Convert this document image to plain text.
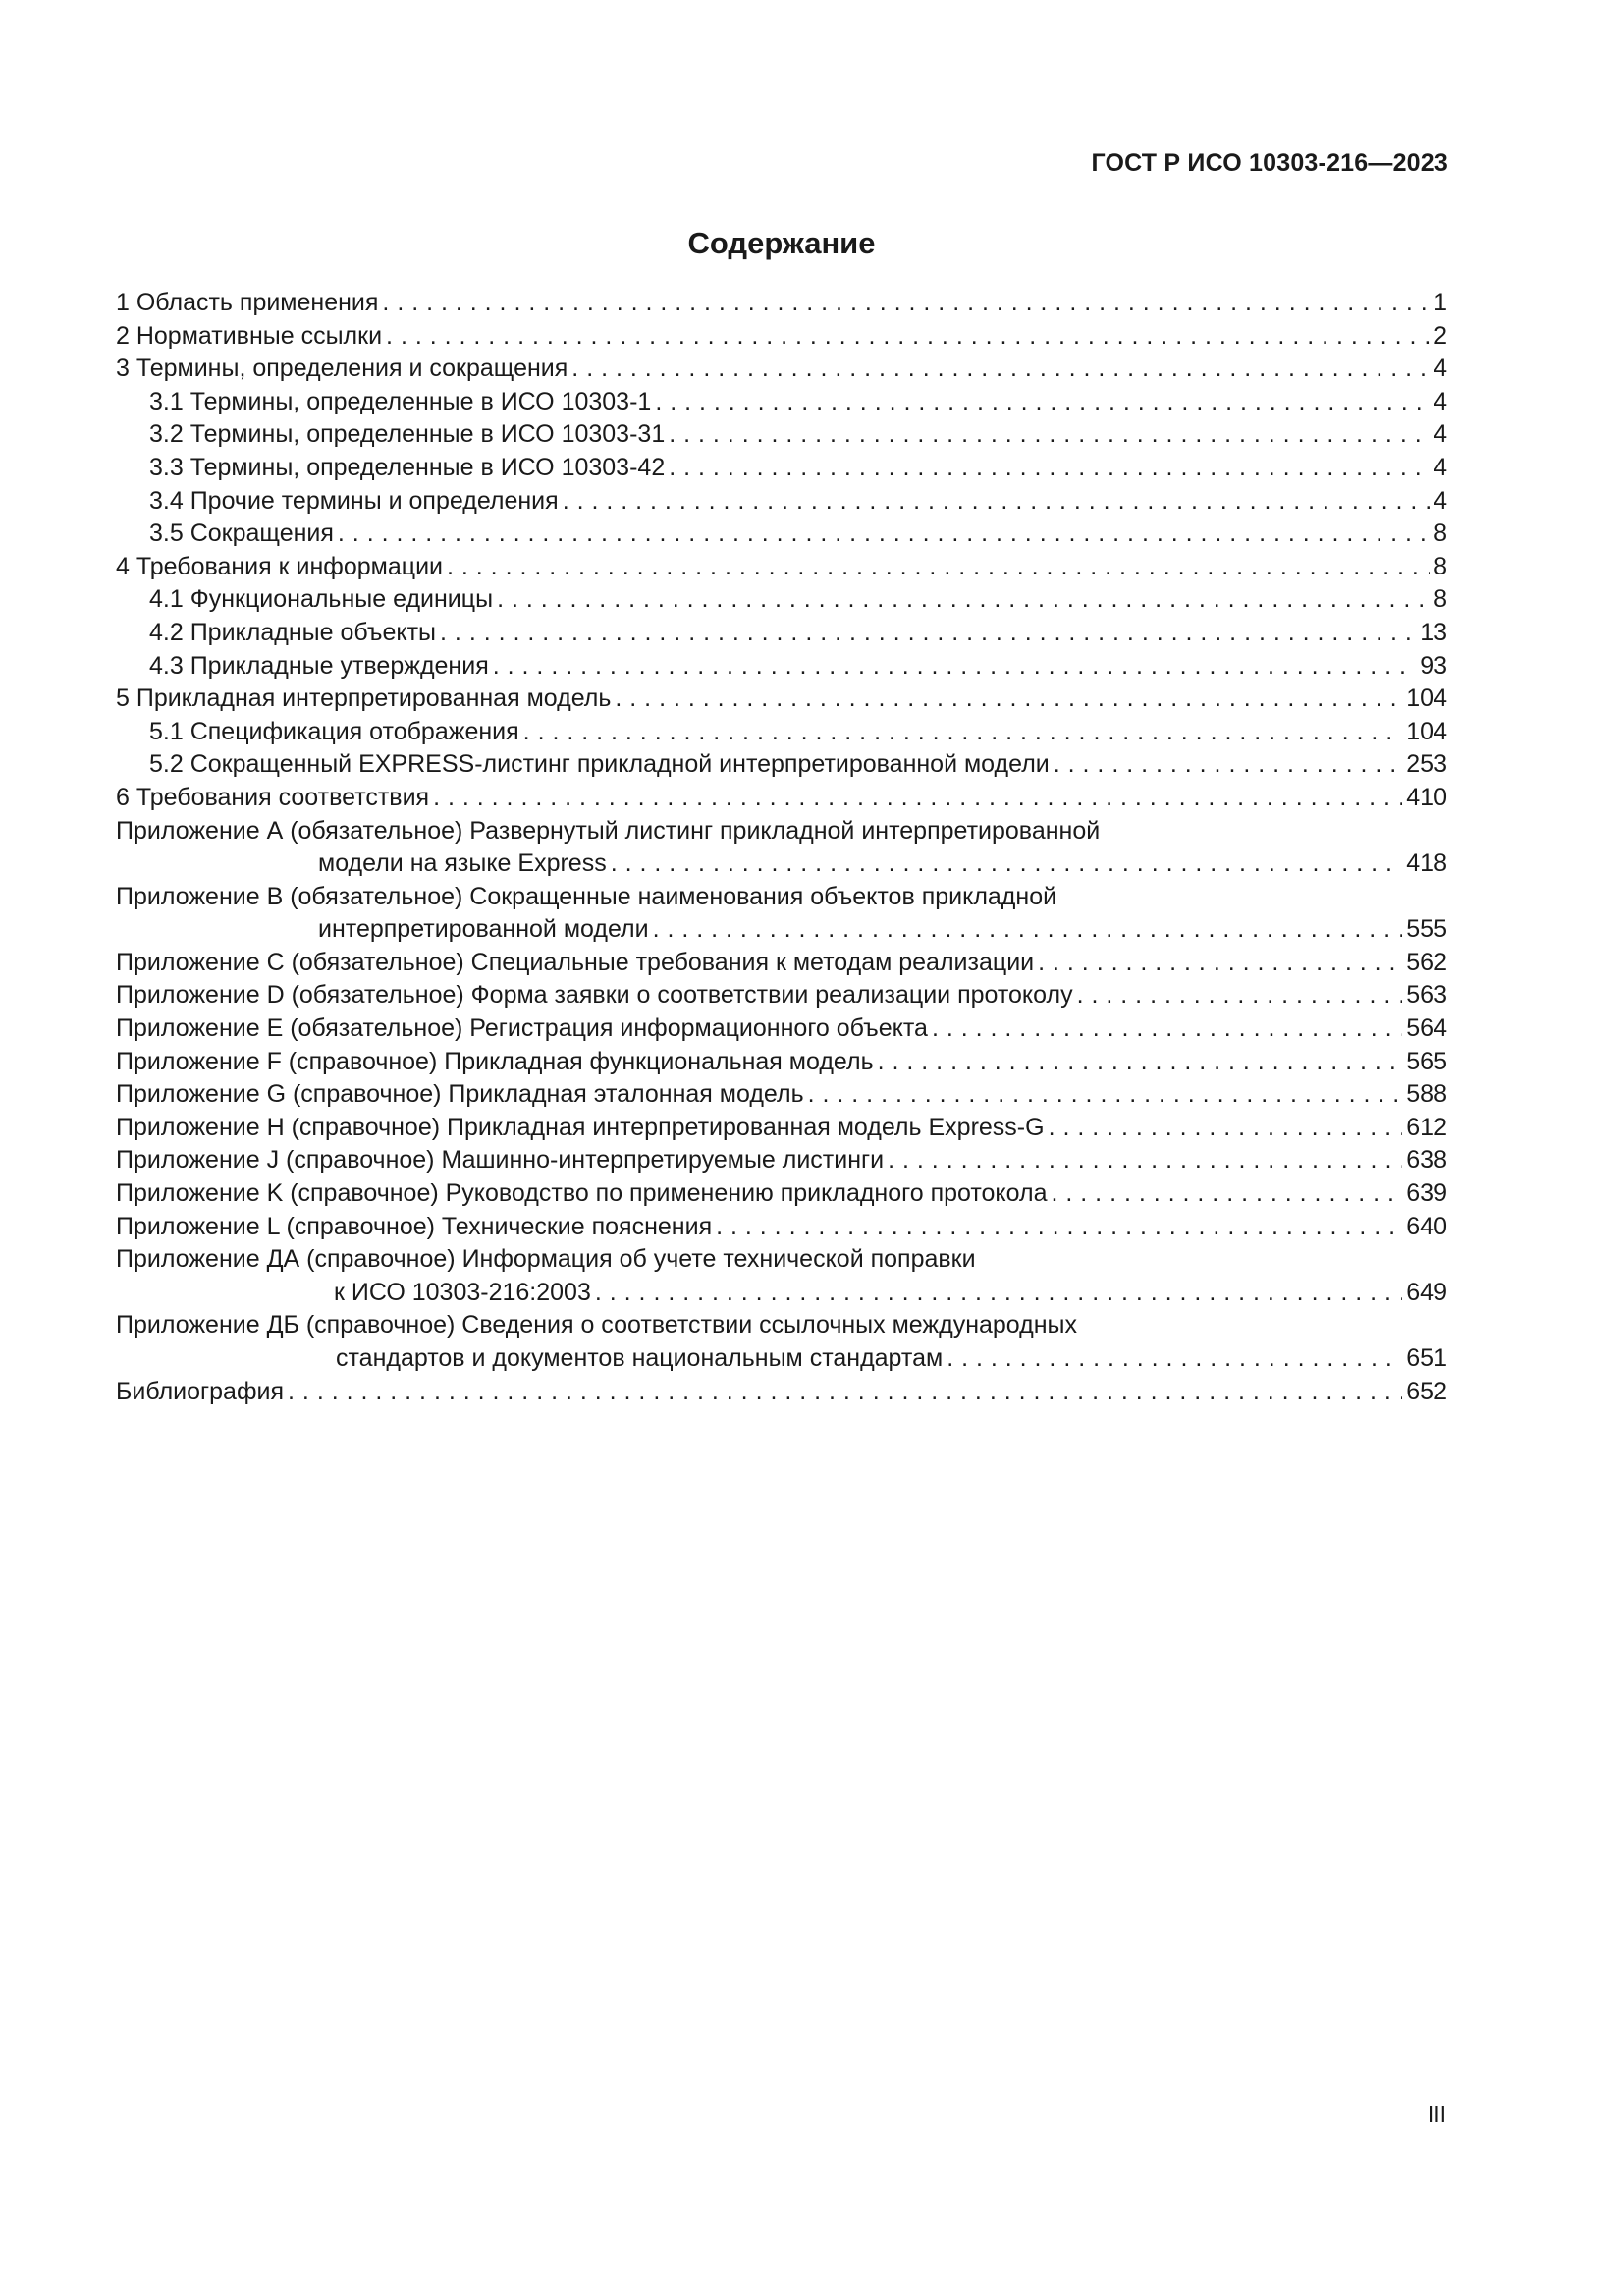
ГОСТ Р ИСО 10303-216—2023
Содержание
1 Область применения . . .	1
2 Нормативные ссылки . . .	2
3 Термины, определения и сокращения . . .	4
3.1 Термины, определенные в ИСО 10303-1 . . .	4
3.2 Термины, определенные в ИСО 10303-31 . . .	4
3.3 Термины, определенные в ИСО 10303-42 . . .	4
3.4 Прочие термины и определения . . .	4
3.5 Сокращения . . .	8
4 Требования к информации . . .	8
4.1 Функциональные единицы . . .	8
4.2 Прикладные объекты . . .	13
4.3 Прикладные утверждения . . .	93
5 Прикладная интерпретированная модель . . .	104
5.1 Спецификация отображения . . .	104
5.2 Сокращенный EXPRESS-листинг прикладной интерпретированной модели . . .	253
6 Требования соответствия . . .	410
Приложение А (обязательное) Развернутый листинг прикладной интерпретированной
модели на языке Express . . .	418
Приложение В (обязательное) Сокращенные наименования объектов прикладной
интерпретированной модели . . .	555
Приложение С (обязательное) Специальные требования к методам реализации . . .	562
Приложение D (обязательное) Форма заявки о соответствии реализации протоколу . . .	563
Приложение Е (обязательное) Регистрация информационного объекта . . .	564
Приложение F (справочное) Прикладная функциональная модель . . .	565
Приложение G (справочное) Прикладная эталонная модель . . .	588
Приложение Н (справочное) Прикладная интерпретированная модель Express-G . . .	612
Приложение J (справочное) Машинно-интерпретируемые листинги . . .	638
Приложение K (справочное) Руководство по применению прикладного протокола . . .	639
Приложение L (справочное) Технические пояснения . . .	640
Приложение ДА (справочное) Информация об учете технической поправки
к ИСО 10303-216:2003 . . .	649
Приложение ДБ (справочное) Сведения о соответствии ссылочных международных
стандартов и документов национальным стандартам . . .	651
Библиография . . .	652
III
